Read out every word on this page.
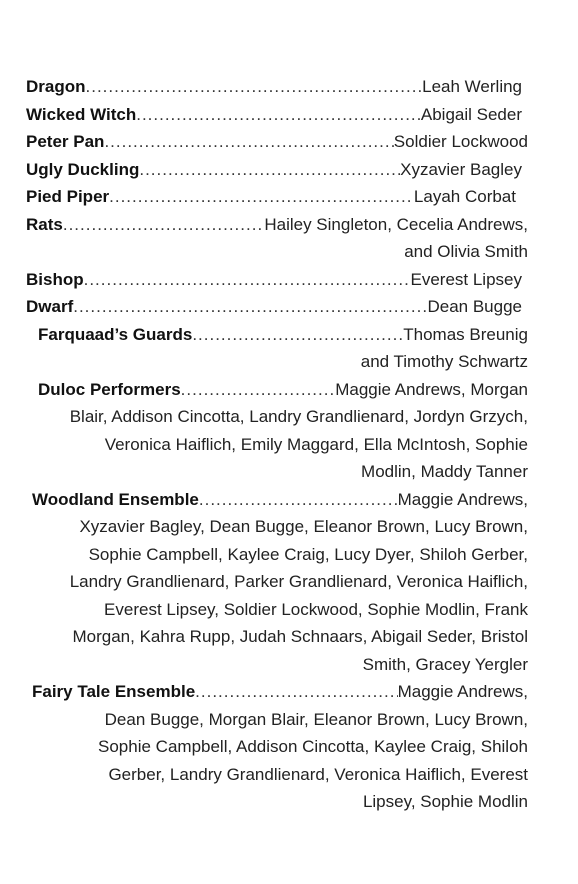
Dragon .....	Leah Werling
Wicked Witch .....	Abigail Seder
Peter Pan .....	Soldier Lockwood
Ugly Duckling .....	Xyzavier Bagley
Pied Piper .....	Layah Corbat
Rats .....	Hailey Singleton, Cecelia Andrews,
and Olivia Smith
Bishop .....	Everest Lipsey
Dwarf .....	Dean Bugge
Farquaad’s Guards .....	Thomas Breunig
and Timothy Schwartz
Duloc Performers .....	Maggie Andrews, Morgan
Blair, Addison Cincotta, Landry Grandlienard, Jordyn Grzych,
Veronica Haiflich, Emily Maggard, Ella McIntosh, Sophie
Modlin, Maddy Tanner
Woodland Ensemble .....	Maggie Andrews,
Xyzavier Bagley, Dean Bugge, Eleanor Brown, Lucy Brown,
Sophie Campbell, Kaylee Craig, Lucy Dyer, Shiloh Gerber,
Landry Grandlienard, Parker Grandlienard, Veronica Haiflich,
Everest Lipsey, Soldier Lockwood, Sophie Modlin, Frank
Morgan, Kahra Rupp, Judah Schnaars, Abigail Seder, Bristol
Smith, Gracey Yergler
Fairy Tale Ensemble .....	Maggie Andrews,
Dean Bugge, Morgan Blair, Eleanor Brown, Lucy Brown,
Sophie Campbell, Addison Cincotta, Kaylee Craig, Shiloh
Gerber, Landry Grandlienard, Veronica Haiflich, Everest
Lipsey, Sophie Modlin
